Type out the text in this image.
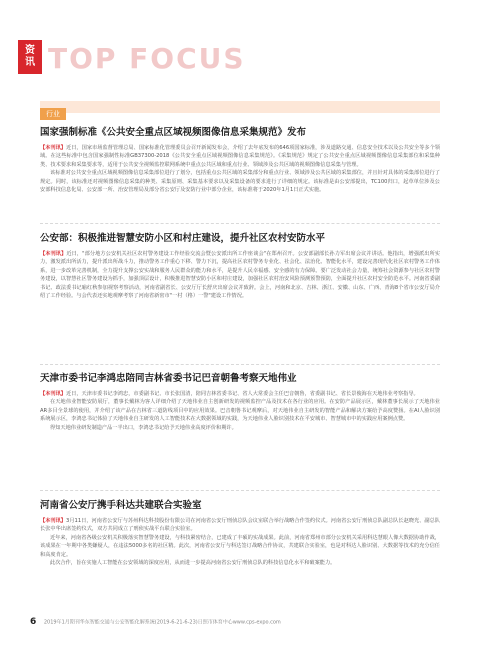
资
讯 TOP FOCUS
行业

国家强制标准《公共安全重点区域视频图像信息采集规范》发布

【本刊讯】近日，国家市场监督管理总局、国家标准化管理委员会召开新闻发布会，介绍了去年底发布的646项国家标准，涉及道路交通、信息安全技术以及公共安全等多个领域。在这些标准中包含国家强制性标准GB37300-2018《公共安全重点区域视频图像信息采集规范》。《采集规范》规定了公共安全重点区域视频图像信息采集部位和采集种类、技术要求和采集要求等，适用于公共安全视频监控联网系统中重点公共区域和重点行业、领域涉及公共区域的视频图像信息采集与管理。

该标准对公共安全重点区域视频图像信息采集部位进行了划分，包括重点公共区域的采集部分和重点行业、领域涉及公共区域的采集部位，并且针对具体的采集部位进行了规定。同时，该标准还对视频图像信息采集的种类、采集原则、采集基本要求以及采集设备的要求进行了详细的规定。该标准是由公安部提出，TC100归口，起草单位涉及公安部科技信息化局、公安部一所、治安管理局及部分省公安厅及安防行业中部分企业，该标准将于2020年1月1日正式实施。

公安部：积极推进智慧安防小区和村庄建设，提升社区农村安防水平

【本刊讯】近日，"部分地方公安机关社区农村警务建设工作经验交流会暨公安派出所工作座谈会"在郑州召开。公安部副部长孙力军出席会议并讲话。他指出，增强派出所实力，激发派出所活力，提升派出所战斗力，推动警务工作重心下移、警力下沉，提高社区农村警务专业化、社会化、法治化、智能化水平，建设完善现代化社区农村警务工作体系，进一步改革完善机制，全力提升支撑公安实战和服务人民群众的能力和水平，是提升人民幸福感、安全感的有力保障。要广泛发动社会力量，统筹社会资源参与社区农村警务建设，以智慧社区警务建设为抓手，加强顶层设计，积极推进智慧安防小区和村庄建设，加强社区农村治安风险预测预警预防，全面提升社区农村安全防范水平。河南省委副书记、政法委书记喻红秋参加视察考察活动，河南省副省长、公安厅厅长舒庆出席会议并致辞。会上，河南和北京、吉林、浙江、安徽、山东、广西、青海8个省市公安厅局介绍了工作经验。与会代表还实地观摩考察了河南省新密市"一村（格）一警"建设工作情况。

天津市委书记李鸿忠陪同吉林省委书记巴音朝鲁考察天地伟业

【本刊讯】近日，天津市委书记李鸿忠，市委副书记、市长张国清，陪同吉林省委书记、省人大常委会主任巴音朝鲁，省委副书记、省长景俊海在天地伟业考察指导。

在天地伟业智能安防展厅，董事长戴林为客人详细介绍了天地伟业自主创新研发的视频监控产品及技术在各行业的应用。在安防产品展示区，戴林董事长展示了天地伟业AR多目全景球的使用，并介绍了该产品在吉林省三道防线项目中的应用效果。巴音朝鲁书记观摩后，对天地伟业自主研发的智能产品和解决方案给予高度赞扬。在AI人脸识别系统展示区，李鸿忠书记体验了天地伟业自主研发的人工智能技术在大数据领域的实践，为天地伟业人脸识别技术在平安城市、智慧城市中的实践应用案例点赞。

得知天地伟业研发制造产品一半出口，李鸿忠书记给予天地伟业高度评价和期许。

河南省公安厅携手科达共建联合实验室

【本刊讯】3月11日，河南省公安厅与苏州科达科技股份有限公司在河南省公安厅刑侦总队会议室联合举行战略合作签约仪式。河南省公安厅刑侦总队副总队长赵晓光、副总队长张中华出席签约仪式，双方共同成立了刑侦实战平台联合实验室。

近年来，河南省各级公安机关积极落实智慧警务建设，与科技紧密结合，已建成了丰硕的实战成果。此前，河南省郑州市部分公安机关采用科达慧眼人像大数据协助作战，该成果在一年期中各类嫌疑人，在违法5000多名的社区精。此次，河南省公安厅与科达签订战略合作协议，共建联合实验室，也是对科达人脸识别、大数据等技术的充分信任和高度肯定。

此次合作，旨在实施人工智能在公安领域的深度应用，从而进一步提高河南省公安厅刑侦总队的科技信息化水平和破案能力。

6 2019年1月期刊华东智能交通与公安智能化解系统(2019-6-21-6-23)日照市体育中心www.cps-expo.com
